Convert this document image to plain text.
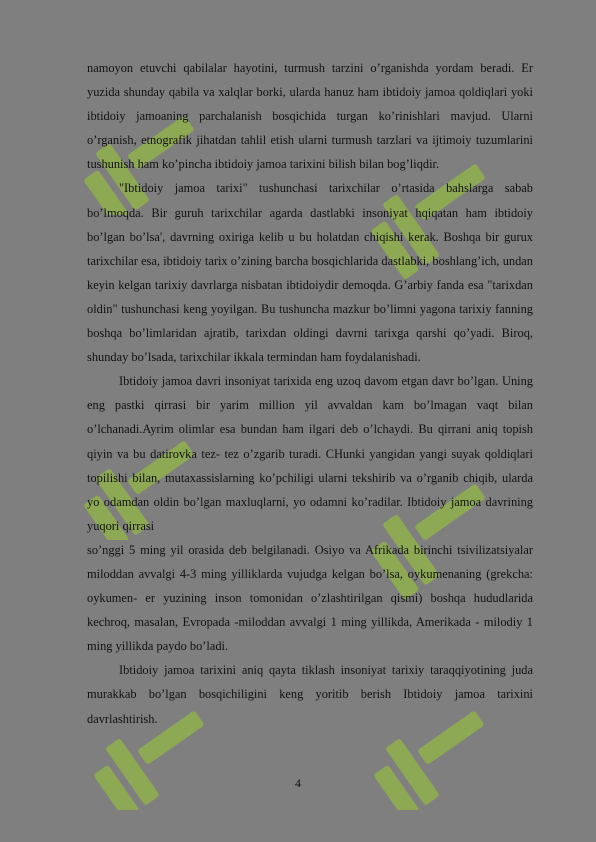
namoyon etuvchi qabilalar hayotini, turmush tarzini o’rganishda yordam beradi. Er yuzida shunday qabila va xalqlar borki, ularda hanuz ham ibtidoiy jamoa qoldiqlari yoki ibtidoiy jamoaning parchalanish bosqichida turgan ko’rinishlari mavjud. Ularni o’rganish, etnografik jihatdan tahlil etish ularni turmush tarzlari va ijtimoiy tuzumlarini tushunish ham ko’pincha ibtidoiy jamoa tarixini bilish bilan bog’liqdir.

"Ibtidoiy jamoa tarixi" tushunchasi tarixchilar o’rtasida bahslarga sabab bo’lmoqda. Bir guruh tarixchilar agarda dastlabki insoniyat hqiqatan ham ibtidoiy bo’lgan bo’lsa', davrning oxiriga kelib u bu holatdan chiqishi kerak. Boshqa bir gurux tarixchilar esa, ibtidoiy tarix o’zining barcha bosqichlarida dastlabki, boshlang’ich, undan keyin kelgan tarixiy davrlarga nisbatan ibtidoiydir demoqda. G’arbiy fanda esa "tarixdan oldin" tushunchasi keng yoyilgan. Bu tushuncha mazkur bo’limni yagona tarixiy fanning boshqa bo’limlaridan ajratib, tarixdan oldingi davrni tarixga qarshi qo’yadi. Biroq, shunday bo’lsada, tarixchilar ikkala termindan ham foydalanishadi.

Ibtidoiy jamoa davri insoniyat tarixida eng uzoq davom etgan davr bo’lgan. Uning eng pastki qirrasi bir yarim million yil avvaldan kam bo’lmagan vaqt bilan o’lchanadi.Ayrim olimlar esa bundan ham ilgari deb o’lchaydi. Bu qirrani aniq topish qiyin va bu datirovka tez- tez o’zgarib turadi. CHunki yangidan yangi suyak qoldiqlari topilishi bilan, mutaxassislarning ko’pchiligi ularni tekshirib va o’rganib chiqib, ularda yo odamdan oldin bo’lgan maxluqlarni, yo odamni ko’radilar. Ibtidoiy jamoa davrining yuqori qirrasi

so’nggi 5 ming yil orasida deb belgilanadi. Osiyo va Afrikada birinchi tsivilizatsiyalar miloddan avvalgi 4-3 ming yilliklarda vujudga kelgan bo’lsa, oykumenaning (grekcha: oykumen- er yuzining inson tomonidan o’zlashtirilgan qismi) boshqa hududlarida kechroq, masalan, Evropada -miloddan avvalgi 1 ming yillikda, Amerikada - milodiy 1 ming yillikda paydo bo’ladi.

Ibtidoiy jamoa tarixini aniq qayta tiklash insoniyat tarixiy taraqqiyotining juda murakkab bo’lgan bosqichiligini keng yoritib berish Ibtidoiy jamoa tarixini davrlashtirish.

4
